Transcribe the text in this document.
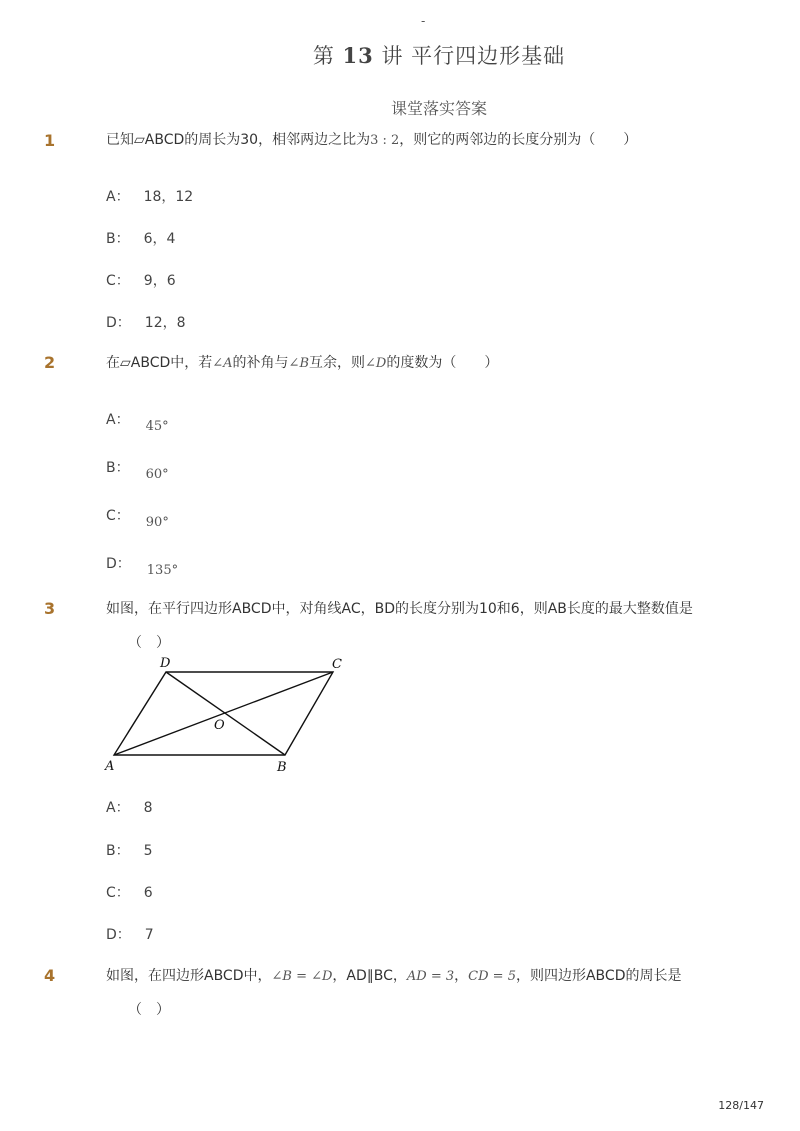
-
第 13 讲 平行四边形基础
课堂落实答案
1	已知▱ABCD的周长为30，相邻两边之比为3 : 2，则它的两邻边的长度分别为（　　）
A： 18，12
B： 6，4
C： 9，6
D： 12，8
2	在▱ABCD中，若∠A的补角与∠B互余，则∠D的度数为（　　）
A： 45°
B： 60°
C： 90°
D： 135°
3	如图，在平行四边形ABCD中，对角线AC，BD的长度分别为10和6，则AB长度的最大整数值是
（　）
D	C
O
A	B
A： 8
B： 5
C： 6
D： 7
4	如图，在四边形ABCD中，∠B = ∠D，AD∥BC，AD = 3，CD = 5，则四边形ABCD的周长是
（　）
128/147
